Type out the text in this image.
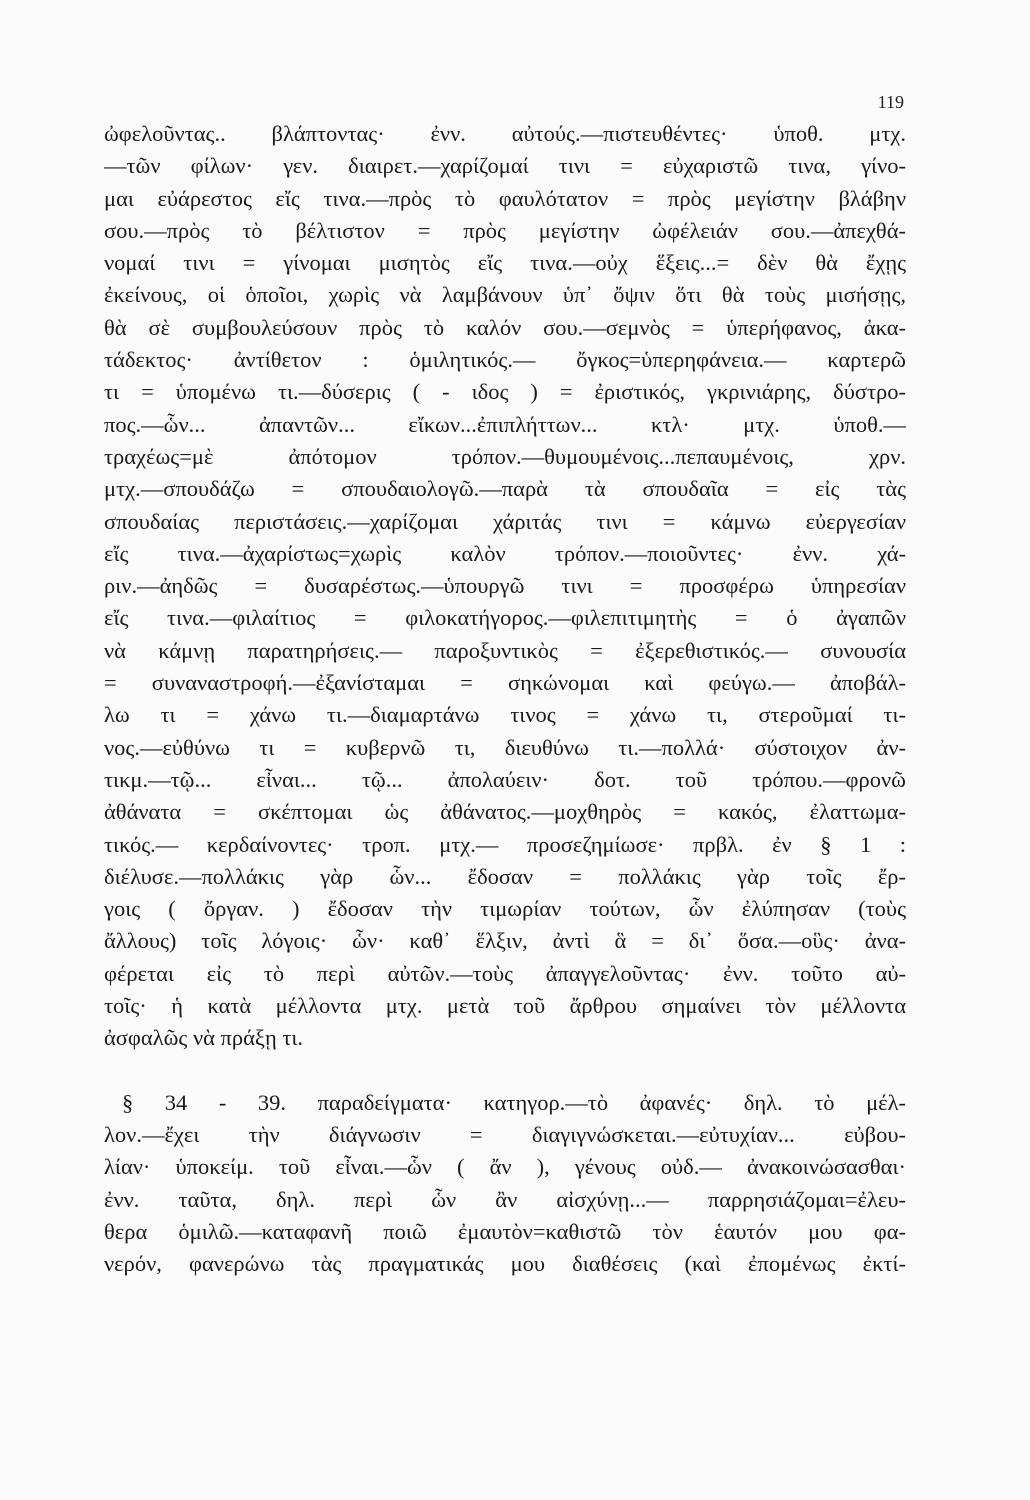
119
ὠφελοῦντας.. βλάπτοντας· ἐνν. αὐτούς.—πιστευθέντες· ὑποθ. μτχ.
—τῶν φίλων· γεν. διαιρετ.—χαρίζομαί τινι = εὐχαριστῶ τινα, γίνο-
μαι εὐάρεστος εἴς τινα.—πρὸς τὸ φαυλότατον = πρὸς μεγίστην βλάβην
σου.—πρὸς τὸ βέλτιστον = πρὸς μεγίστην ὠφέλειάν σου.—ἀπεχθά-
νομαί τινι = γίνομαι μισητὸς εἴς τινα.—οὐχ ἕξεις...= δὲν θὰ ἔχῃς
ἐκείνους, οἱ ὁποῖοι, χωρὶς νὰ λαμβάνουν ὑπ᾽ ὄψιν ὅτι θὰ τοὺς μισήσῃς,
θὰ σὲ συμβουλεύσουν πρὸς τὸ καλόν σου.—σεμνὸς = ὑπερήφανος, ἀκα-
τάδεκτος· ἀντίθετον : ὁμιλητικός.— ὄγκος=ὑπερηφάνεια.— καρτερῶ
τι = ὑπομένω τι.—δύσερις ( - ιδος ) = ἐριστικός, γκρινιάρης, δύστρο-
πος.—ὧν... ἀπαντῶν... εἴκων...ἐπιπλήττων... κτλ· μτχ. ὑποθ.—
τραχέως=μὲ ἀπότομον τρόπον.—θυμουμένοις...πεπαυμένοις, χρν.
μτχ.—σπουδάζω = σπουδαιολογῶ.—παρὰ τὰ σπουδαῖα = εἰς τὰς
σπουδαίας περιστάσεις.—χαρίζομαι χάριτάς τινι = κάμνω εὐεργεσίαν
εἴς τινα.—ἀχαρίστως=χωρὶς καλὸν τρόπον.—ποιοῦντες· ἐνν. χά-
ριν.—ἀηδῶς = δυσαρέστως.—ὑπουργῶ τινι = προσφέρω ὑπηρεσίαν
εἴς τινα.—φιλαίτιος = φιλοκατήγορος.—φιλεπιτιμητὴς = ὁ ἀγαπῶν
νὰ κάμνῃ παρατηρήσεις.— παροξυντικὸς = ἐξερεθιστικός.— συνουσία
= συναναστροφή.—ἐξανίσταμαι = σηκώνομαι καὶ φεύγω.— ἀποβάλ-
λω τι = χάνω τι.—διαμαρτάνω τινος = χάνω τι, στεροῦμαί τι-
νος.—εὐθύνω τι = κυβερνῶ τι, διευθύνω τι.—πολλά· σύστοιχον ἀν-
τικμ.—τῷ... εἶναι... τῷ... ἀπολαύειν· δοτ. τοῦ τρόπου.—φρονῶ
ἀθάνατα = σκέπτομαι ὡς ἀθάνατος.—μοχθηρὸς = κακός, ἐλαττωμα-
τικός.— κερδαίνοντες· τροπ. μτχ.— προσεζημίωσε· πρβλ. ἐν § 1 :
διέλυσε.—πολλάκις γὰρ ὧν... ἔδοσαν = πολλάκις γὰρ τοῖς ἔρ-
γοις ( ὄργαν. ) ἔδοσαν τὴν τιμωρίαν τούτων, ὧν ἐλύπησαν (τοὺς
ἄλλους) τοῖς λόγοις· ὧν· καθ᾽ ἕλξιν, ἀντὶ ἃ = δι᾽ ὅσα.—οὓς· ἀνα-
φέρεται εἰς τὸ περὶ αὐτῶν.—τοὺς ἀπαγγελοῦντας· ἐνν. τοῦτο αὐ-
τοῖς· ἡ κατὰ μέλλοντα μτχ. μετὰ τοῦ ἄρθρου σημαίνει τὸν μέλλοντα
ἀσφαλῶς νὰ πράξῃ τι.
§ 34 - 39. παραδείγματα· κατηγορ.—τὸ ἀφανές· δηλ. τὸ μέλ-
λον.—ἔχει τὴν διάγνωσιν = διαγιγνώσκεται.—εὐτυχίαν... εὐβου-
λίαν· ὑποκείμ. τοῦ εἶναι.—ὧν ( ἄν ), γένους οὐδ.— ἀνακοινώσασθαι·
ἐνν. ταῦτα, δηλ. περὶ ὧν ἂν αἰσχύνῃ...— παρρησιάζομαι=ἐλευ-
θερα ὁμιλῶ.—καταφανῆ ποιῶ ἐμαυτὸν=καθιστῶ τὸν ἑαυτόν μου φα-
νερόν, φανερώνω τὰς πραγματικάς μου διαθέσεις (καὶ ἐπομένως ἐκτί-
